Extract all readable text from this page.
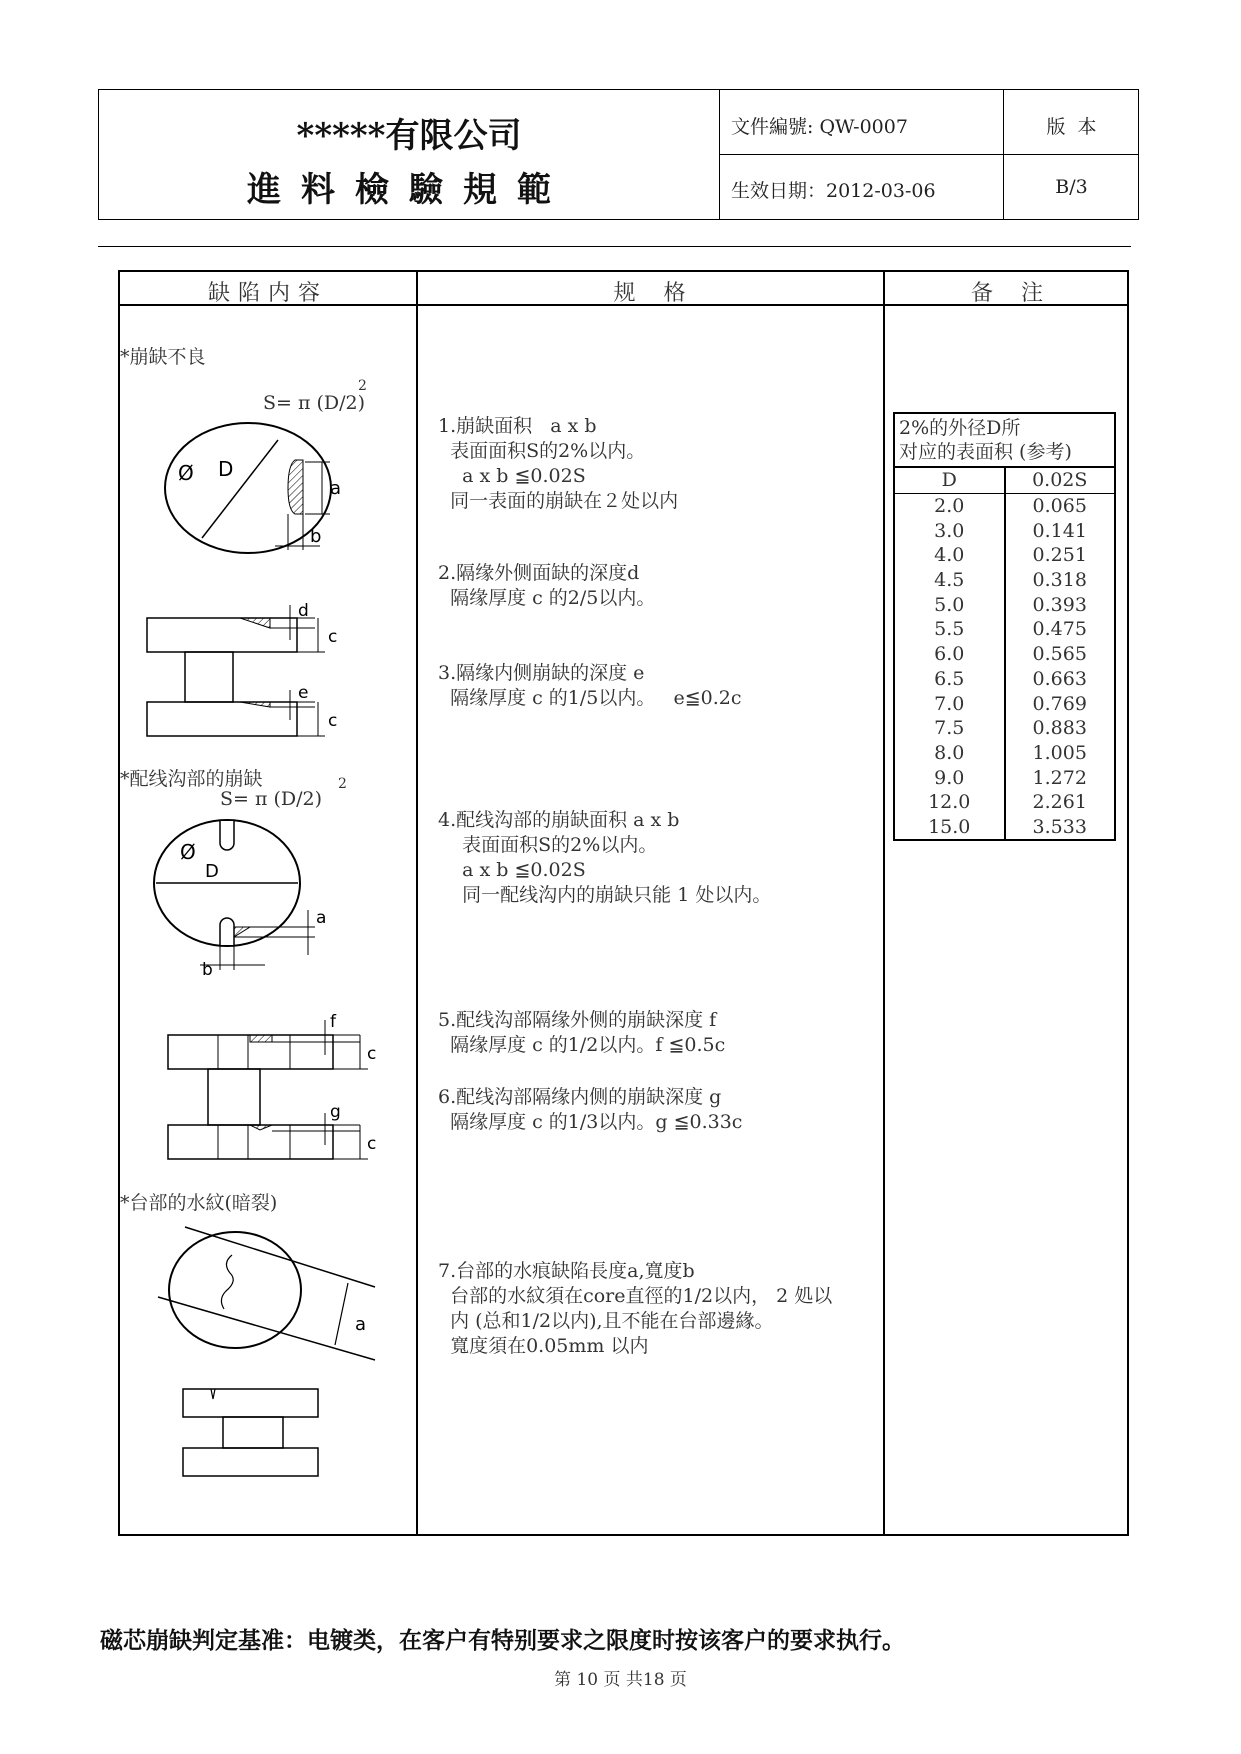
*****有限公司
進料檢驗規範
文件編號: QW-0007	版  本
生效日期：2012-03-06	B/3
缺陷内容	规    格	备    注
*崩缺不良
*配线沟部的崩缺
*台部的水紋(暗裂)
S= π (D/2)
2
S= π (D/2)
2
Ø D
a
b
d
c
e
c
Ø
D
a
b
f
c
g
c
a
1.崩缺面积   a x b
表面面积S的2%以内。
a x b ≦0.02S
同一表面的崩缺在２处以内
2.隔缘外侧面缺的深度d
隔缘厚度 c 的2/5以内。
3.隔缘内侧崩缺的深度 e
隔缘厚度 c 的1/5以内。   e≦0.2c
4.配线沟部的崩缺面积 a x b
表面面积S的2%以内。
a x b ≦0.02S
同一配线沟内的崩缺只能 1 处以内。
5.配线沟部隔缘外侧的崩缺深度 f
隔缘厚度 c 的1/2以内。f ≦0.5c
6.配线沟部隔缘内侧的崩缺深度 g
隔缘厚度 c 的1/3以内。g ≦0.33c
7.台部的水痕缺陷長度a,寬度b
台部的水紋須在core直徑的1/2以内， 2 処以
内 (总和1/2以内),且不能在台部邊緣。
寬度須在0.05mm 以内
2%的外径D所
对应的表面积 (参考)
D	0.02S
2.0	0.065
3.0	0.141
4.0	0.251
4.5	0.318
5.0	0.393
5.5	0.475
6.0	0.565
6.5	0.663
7.0	0.769
7.5	0.883
8.0	1.005
9.0	1.272
12.0	2.261
15.0	3.533
磁芯崩缺判定基准：电镀类，在客户有特别要求之限度时按该客户的要求执行。
第 10 页 共18 页
